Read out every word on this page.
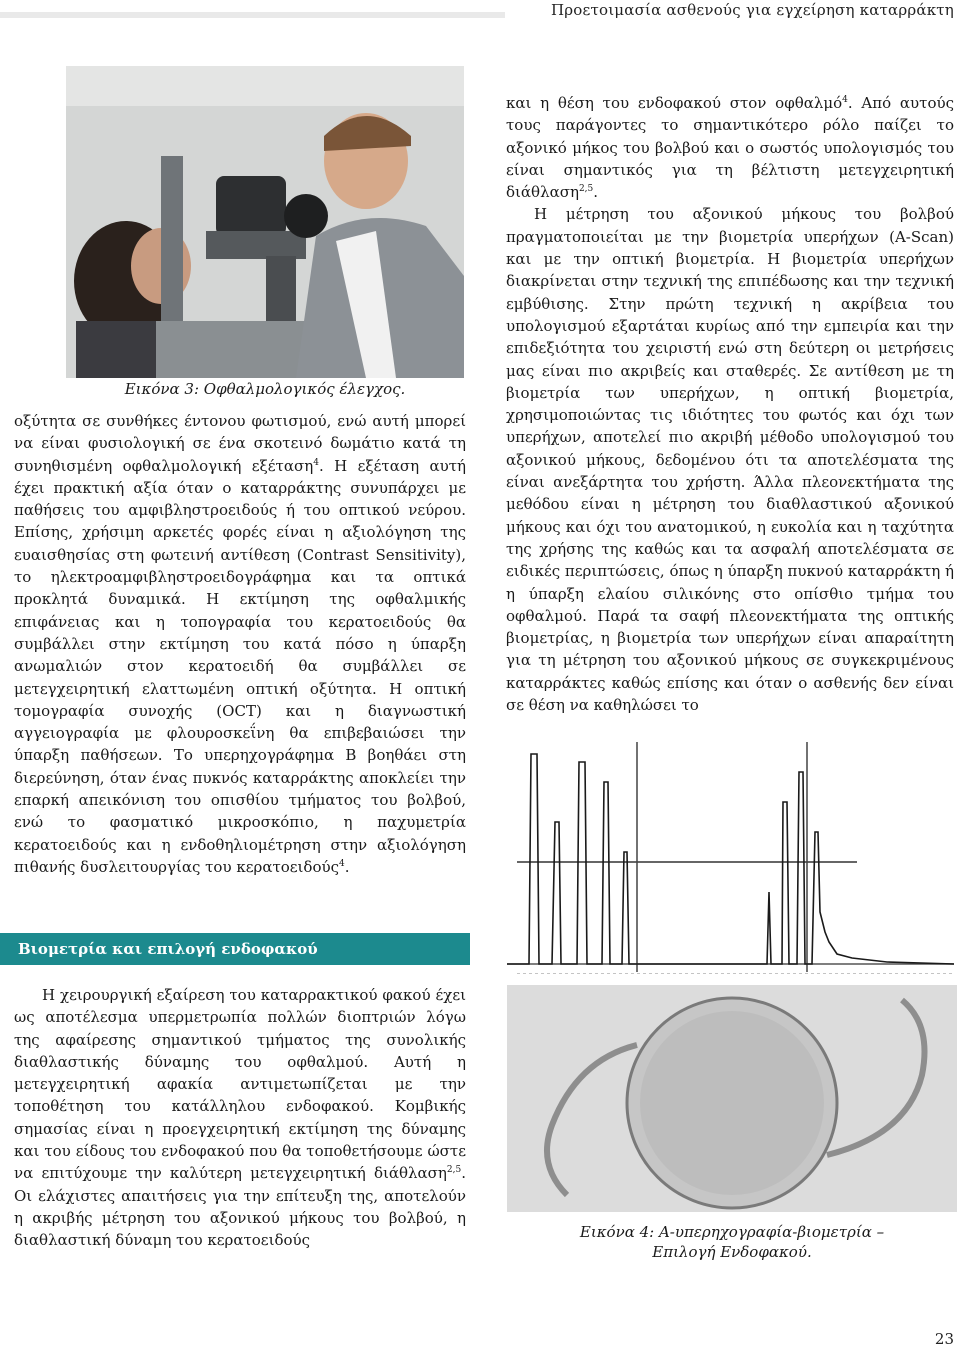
Προετοιμασία ασθενούς για εγχείρηση καταρράκτη

Εικόνα 3: Οφθαλμολογικός έλεγχος.

οξύτητα σε συνθήκες έντονου φωτισμού, ενώ αυτή μπορεί να είναι φυσιολογική σε ένα σκοτεινό δωμάτιο κατά τη συνηθισμένη οφθαλμολογική εξέταση$^4$. Η εξέταση αυτή έχει πρακτική αξία όταν ο καταρράκτης συνυπάρχει με παθήσεις του αμφιβληστροειδούς ή του οπτικού νεύρου. Επίσης, χρήσιμη αρκετές φορές είναι η αξιολόγηση της ευαισθησίας στη φωτεινή αντίθεση (Contrast Sensitivity), το ηλεκτροαμφιβληστροειδογράφημα και τα οπτικά προκλητά δυναμικά. Η εκτίμηση της οφθαλμικής επιφάνειας και η τοπογραφία του κερατοειδούς θα συμβάλλει στην εκτίμηση του κατά πόσο η ύπαρξη ανωμαλιών στον κερατοειδή θα συμβάλλει σε μετεγχειρητική ελαττωμένη οπτική οξύτητα. Η οπτική τομογραφία συνοχής (OCT) και η διαγνωστική αγγειογραφία με φλουροσκεΐνη θα επιβεβαιώσει την ύπαρξη παθήσεων. Το υπερηχογράφημα Β βοηθάει στη διερεύνηση, όταν ένας πυκνός καταρράκτης αποκλείει την επαρκή απεικόνιση του οπισθίου τμήματος του βολβού, ενώ το φασματικό μικροσκόπιο, η παχυμετρία κερατοειδούς και η ενδοθηλιομέτρηση στην αξιολόγηση πιθανής δυσλειτουργίας του κερατοειδούς$^4$.

Βιομετρία και επιλογή ενδοφακού

Η χειρουργική εξαίρεση του καταρρακτικού φακού έχει ως αποτέλεσμα υπερμετρωπία πολλών διοπτριών λόγω της αφαίρεσης σημαντικού τμήματος της συνολικής διαθλαστικής δύναμης του οφθαλμού. Αυτή η μετεγχειρητική αφακία αντιμετωπίζεται με την τοποθέτηση του κατάλληλου ενδοφακού. Κομβικής σημασίας είναι η προεγχειρητική εκτίμηση της δύναμης και του είδους του ενδοφακού που θα τοποθετήσουμε ώστε να επιτύχουμε την καλύτερη μετεγχειρητική διάθλαση$^{2,5}$. Οι ελάχιστες απαιτήσεις για την επίτευξη της, αποτελούν η ακριβής μέτρηση του αξονικού μήκους του βολβού, η διαθλαστική δύναμη του κερατοειδούς

και η θέση του ενδοφακού στον οφθαλμό$^4$. Από αυτούς τους παράγοντες το σημαντικότερο ρόλο παίζει το αξονικό μήκος του βολβού και ο σωστός υπολογισμός του είναι σημαντικός για τη βέλτιστη μετεγχειρητική διάθλαση$^{2,5}$.

Η μέτρηση του αξονικού μήκους του βολβού πραγματοποιείται με την βιομετρία υπερήχων (A-Scan) και με την οπτική βιομετρία. Η βιομετρία υπερήχων διακρίνεται στην τεχνική της επιπέδωσης και την τεχνική εμβύθισης. Στην πρώτη τεχνική η ακρίβεια του υπολογισμού εξαρτάται κυρίως από την εμπειρία και την επιδεξιότητα του χειριστή ενώ στη δεύτερη οι μετρήσεις μας είναι πιο ακριβείς και σταθερές. Σε αντίθεση με τη βιομετρία των υπερήχων, η οπτική βιομετρία, χρησιμοποιώντας τις ιδιότητες του φωτός και όχι των υπερήχων, αποτελεί πιο ακριβή μέθοδο υπολογισμού του αξονικού μήκους, δεδομένου ότι τα αποτελέσματα της είναι ανεξάρτητα του χρήστη. Άλλα πλεονεκτήματα της μεθόδου είναι η μέτρηση του διαθλαστικού αξονικού μήκους και όχι του ανατομικού, η ευκολία και η ταχύτητα της χρήσης της καθώς και τα ασφαλή αποτελέσματα σε ειδικές περιπτώσεις, όπως η ύπαρξη πυκνού καταρράκτη ή η ύπαρξη ελαίου σιλικόνης στο οπίσθιο τμήμα του οφθαλμού. Παρά τα σαφή πλεονεκτήματα της οπτικής βιομετρίας, η βιομετρία των υπερήχων είναι απαραίτητη για τη μέτρηση του αξονικού μήκους σε συγκεκριμένους καταρράκτες καθώς επίσης και όταν ο ασθενής δεν είναι σε θέση να καθηλώσει το

Εικόνα 4: Α-υπερηχογραφία-βιομετρία –
Επιλογή Ενδοφακού.

23
